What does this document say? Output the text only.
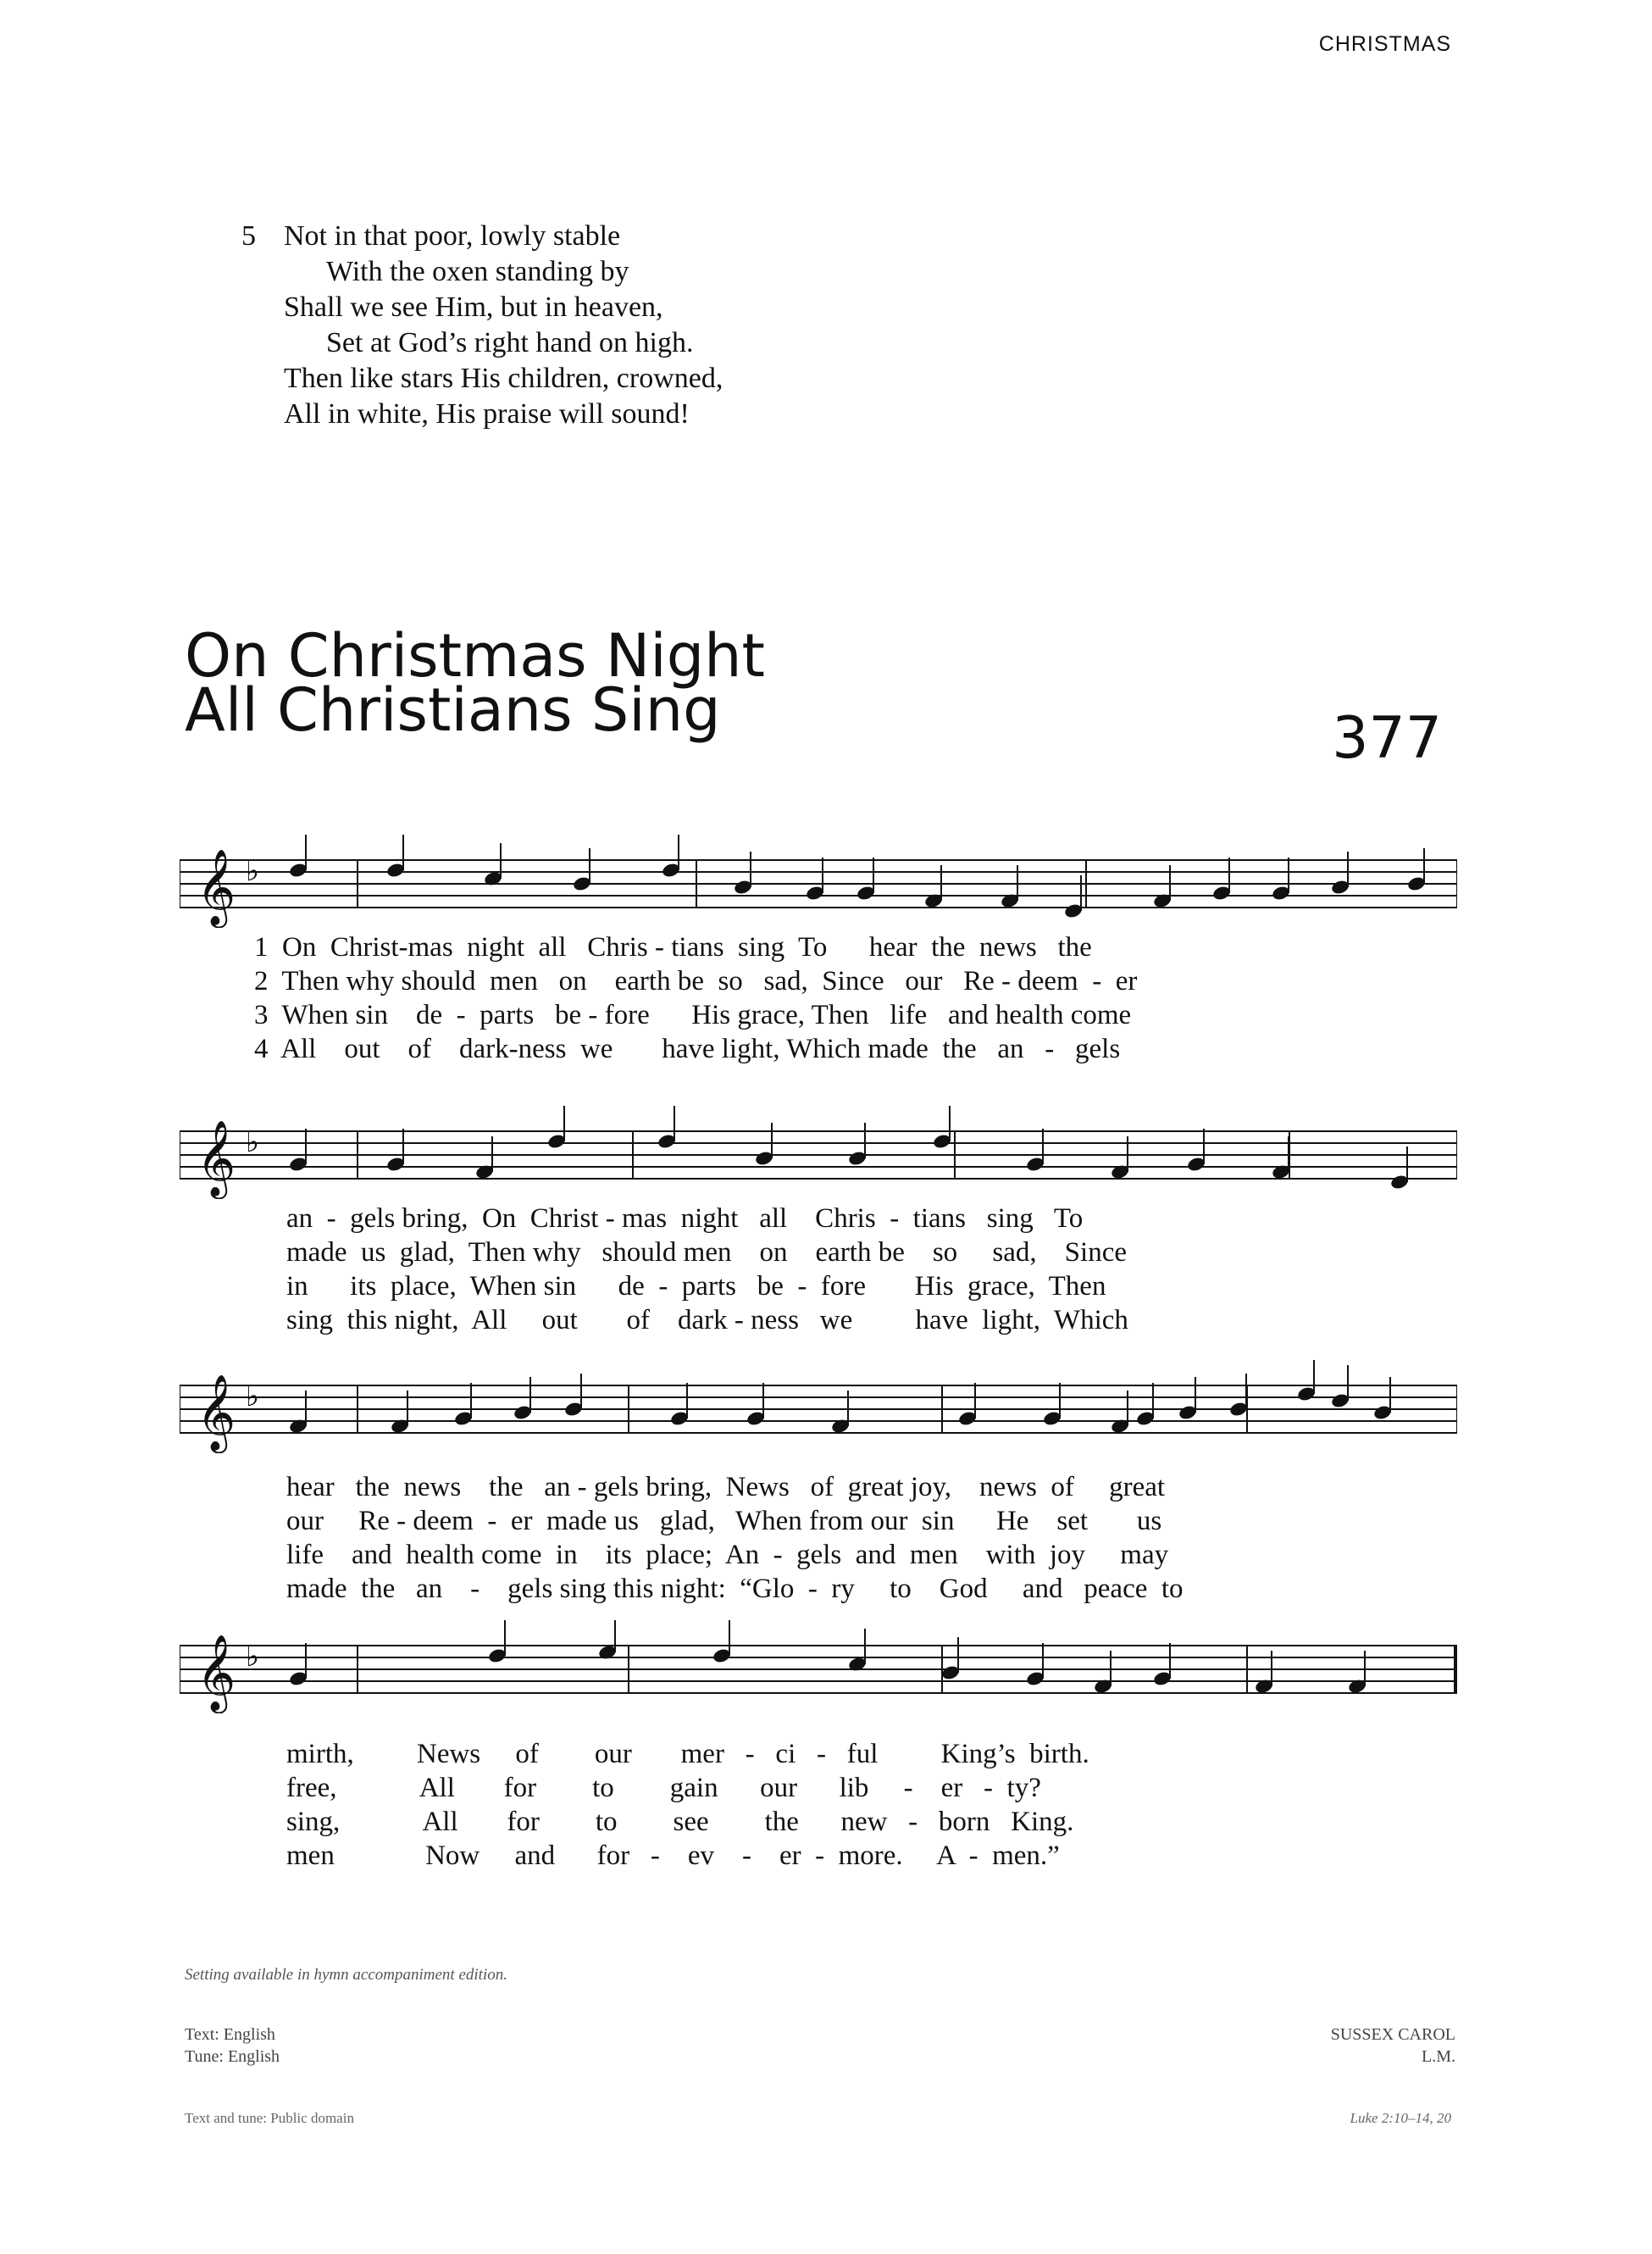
CHRISTMAS
5 Not in that poor, lowly stable
With the oxen standing by
Shall we see Him, but in heaven,
Set at God’s right hand on high.
Then like stars His children, crowned,
All in white, His praise will sound!
On Christmas Night
All Christians Sing	377
𝄞 ♭
1  On  Christ-mas  night  all   Chris - tians  sing  To      hear  the  news   the
2  Then why should  men   on    earth be  so   sad,  Since   our   Re - deem  -  er
3  When sin    de  -  parts   be - fore      His grace, Then   life   and health come
4  All    out    of    dark-ness  we       have light, Which made  the   an   -   gels
𝄞 ♭
an  -  gels bring,  On  Christ - mas  night   all    Chris  -  tians   sing   To
made  us  glad,  Then why   should men    on    earth be    so     sad,    Since
in      its  place,  When sin      de  -  parts   be  -  fore       His  grace,  Then
sing  this night,  All     out       of    dark - ness   we         have  light,  Which
𝄞 ♭
hear   the  news    the   an - gels bring,  News   of  great joy,    news  of     great
our     Re - deem  -  er  made us   glad,   When from our  sin      He    set       us
life    and  health come  in    its  place;  An  -  gels  and  men    with  joy     may
made  the   an    -    gels sing this night:  “Glo  -  ry     to    God     and   peace  to
𝄞 ♭
mirth,         News     of        our       mer   -   ci   -   ful         King’s  birth.
free,            All       for        to        gain      our      lib     -    er   -  ty?
sing,            All       for        to        see        the      new   -   born   King.
men             Now     and      for   -    ev    -    er  -  more.     A  -  men.”
Setting available in hymn accompaniment edition.
Text: English
Tune: English
SUSSEX CAROL
L.M.
Text and tune: Public domain	Luke 2:10–14, 20
